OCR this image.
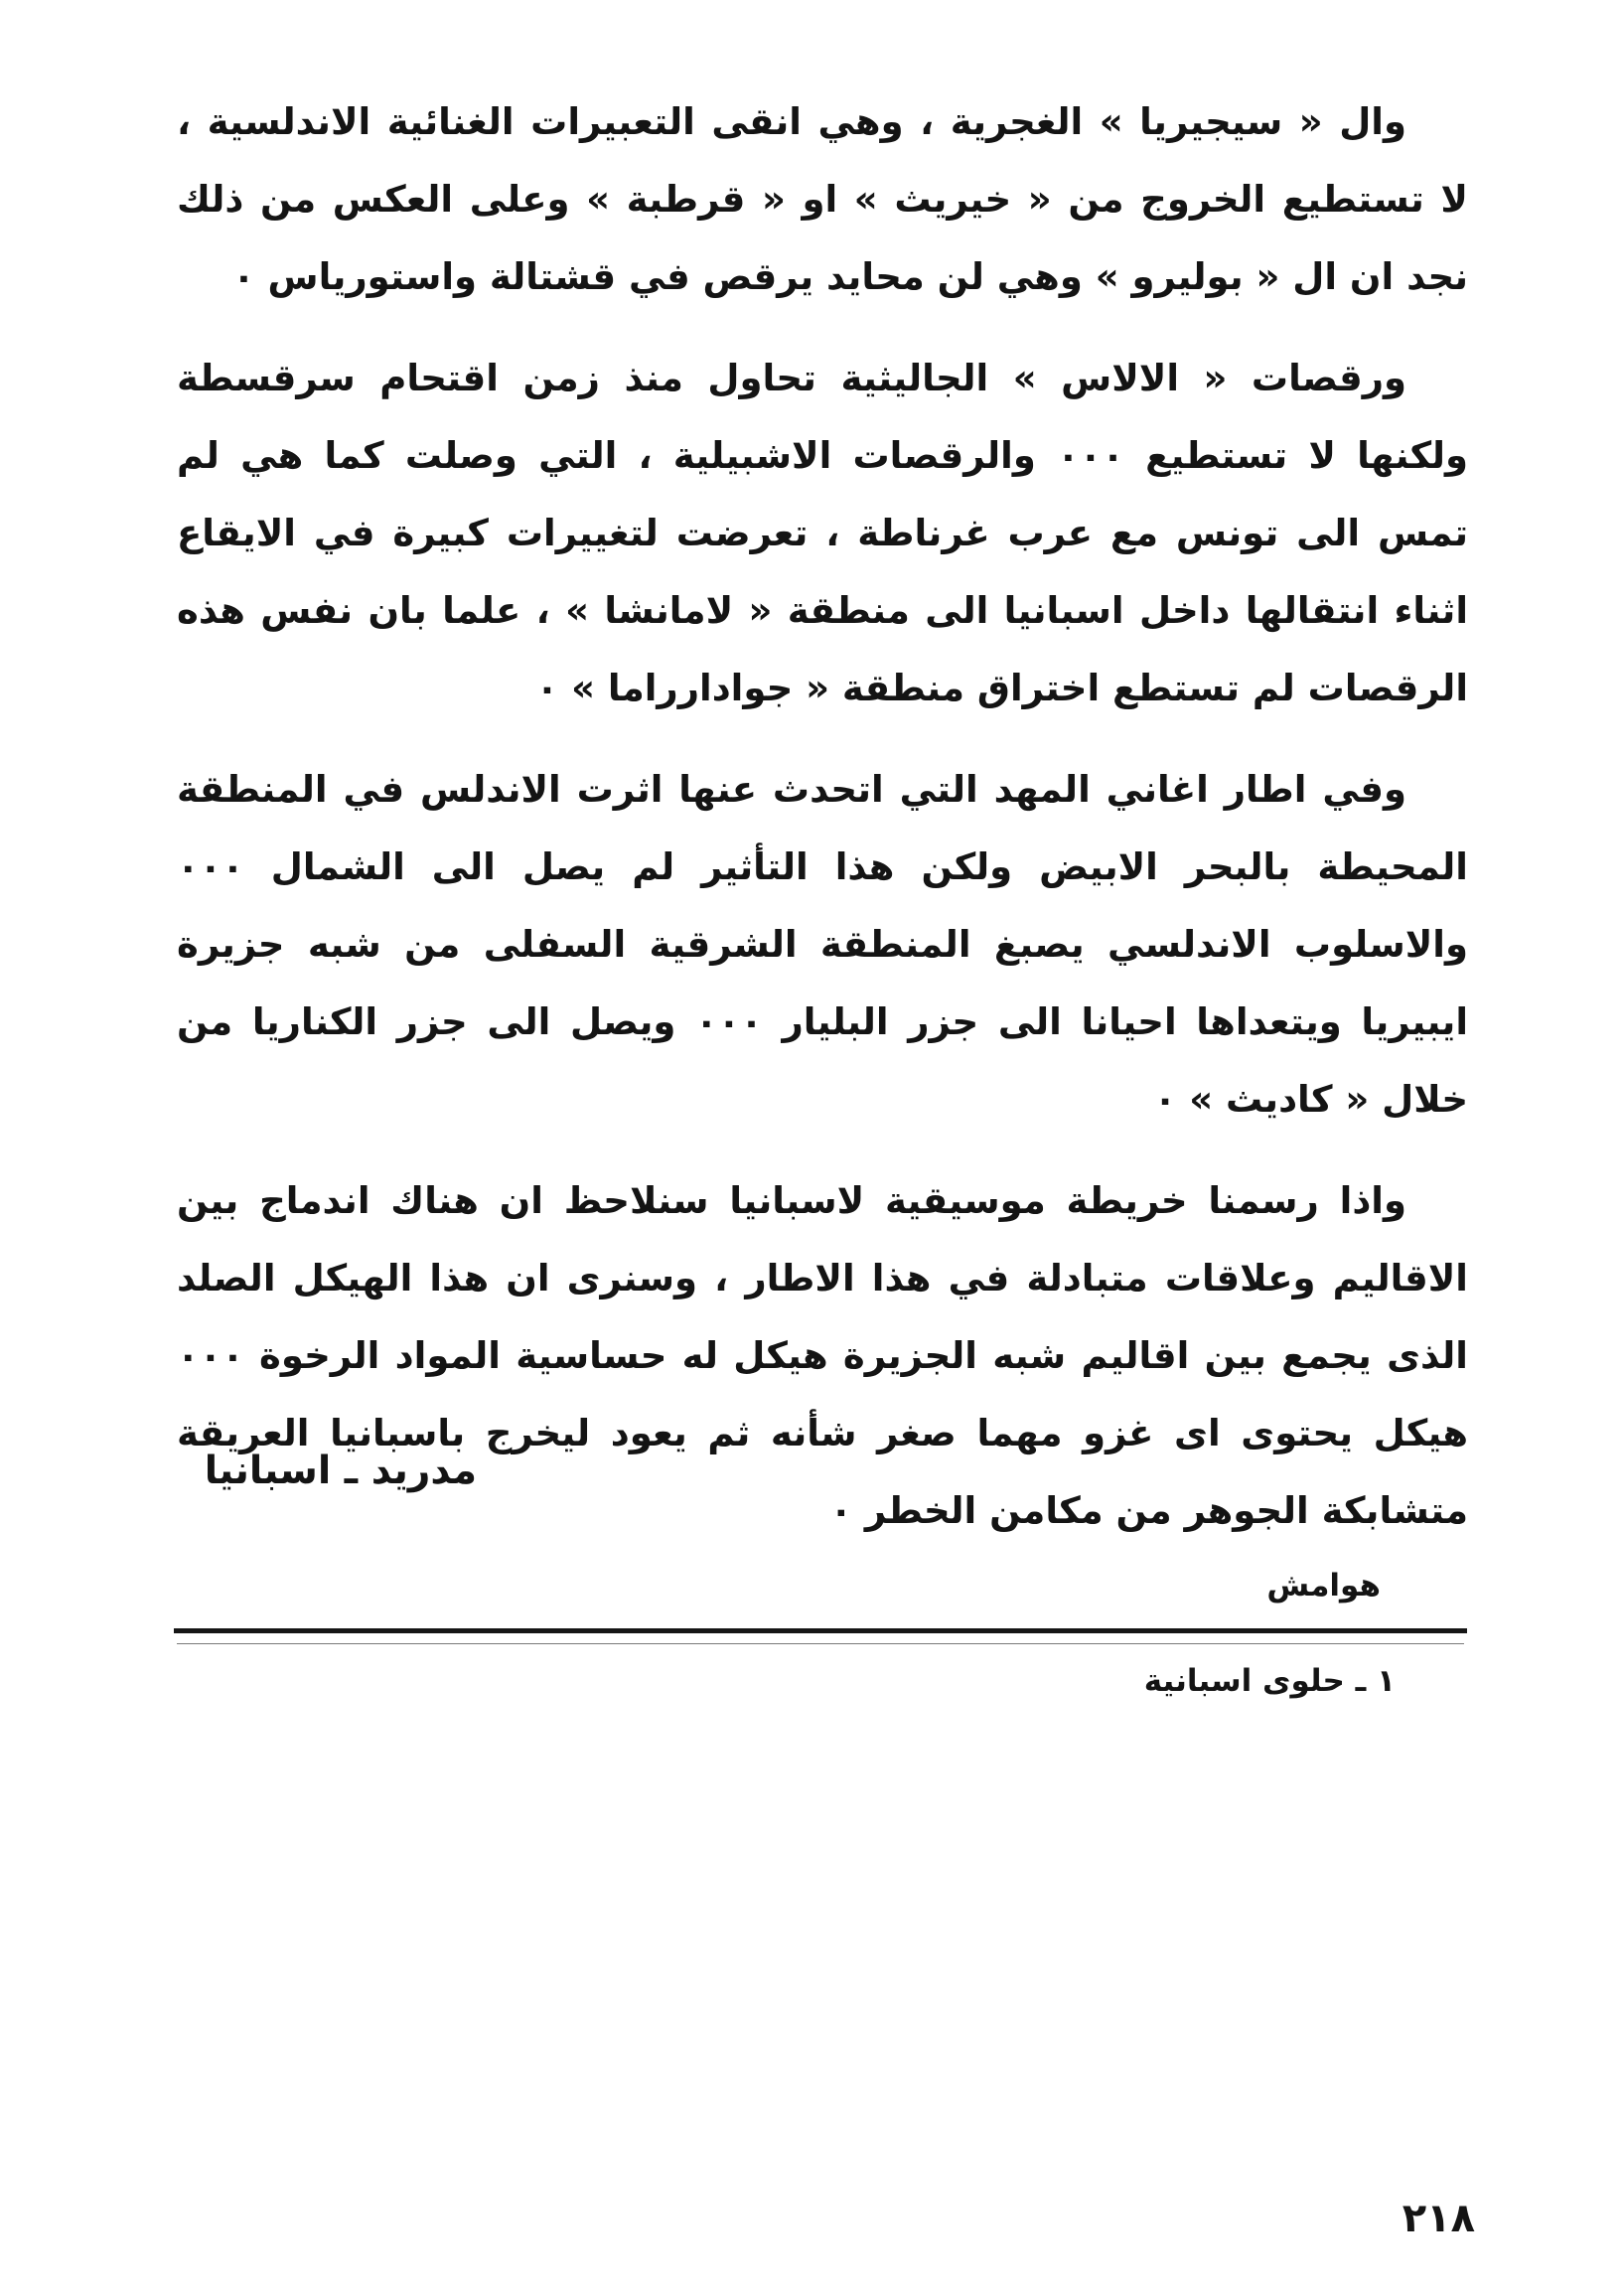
وال « سيجيريا » الغجرية ، وهي انقى التعبيرات الغنائية الاندلسية ، لا تستطيع الخروج من « خيريث » او « قرطبة » وعلى العكس من ذلك نجد ان ال « بوليرو » وهي لن محايد يرقص في قشتالة واستورياس ٠

ورقصات « الالاس » الجاليثية تحاول منذ زمن اقتحام سرقسطة ولكنها لا تستطيع ٠٠٠ والرقصات الاشبيلية ، التي وصلت كما هي لم تمس الى تونس مع عرب غرناطة ، تعرضت لتغييرات كبيرة في الايقاع اثناء انتقالها داخل اسبانيا الى منطقة « لامانشا » ، علما بان نفس هذه الرقصات لم تستطع اختراق منطقة « جوادارراما » ٠

وفي اطار اغاني المهد التي اتحدث عنها اثرت الاندلس في المنطقة المحيطة بالبحر الابيض ولكن هذا التأثير لم يصل الى الشمال ٠٠٠ والاسلوب الاندلسي يصبغ المنطقة الشرقية السفلى من شبه جزيرة ايبيريا ويتعداها احيانا الى جزر البليار ٠٠٠ ويصل الى جزر الكناريا من خلال « كاديث » ٠

واذا رسمنا خريطة موسيقية لاسبانيا سنلاحظ ان هناك اندماج بين الاقاليم وعلاقات متبادلة في هذا الاطار ، وسنرى ان هذا الهيكل الصلد الذى يجمع بين اقاليم شبه الجزيرة هيكل له حساسية المواد الرخوة ٠٠٠ هيكل يحتوى اى غزو مهما صغر شأنه ثم يعود ليخرج باسبانيا العريقة متشابكة الجوهر من مكامن الخطر ٠

مدريد ـ اسبانيا
هوامش
١ ـ حلوى اسبانية
٢١٨
